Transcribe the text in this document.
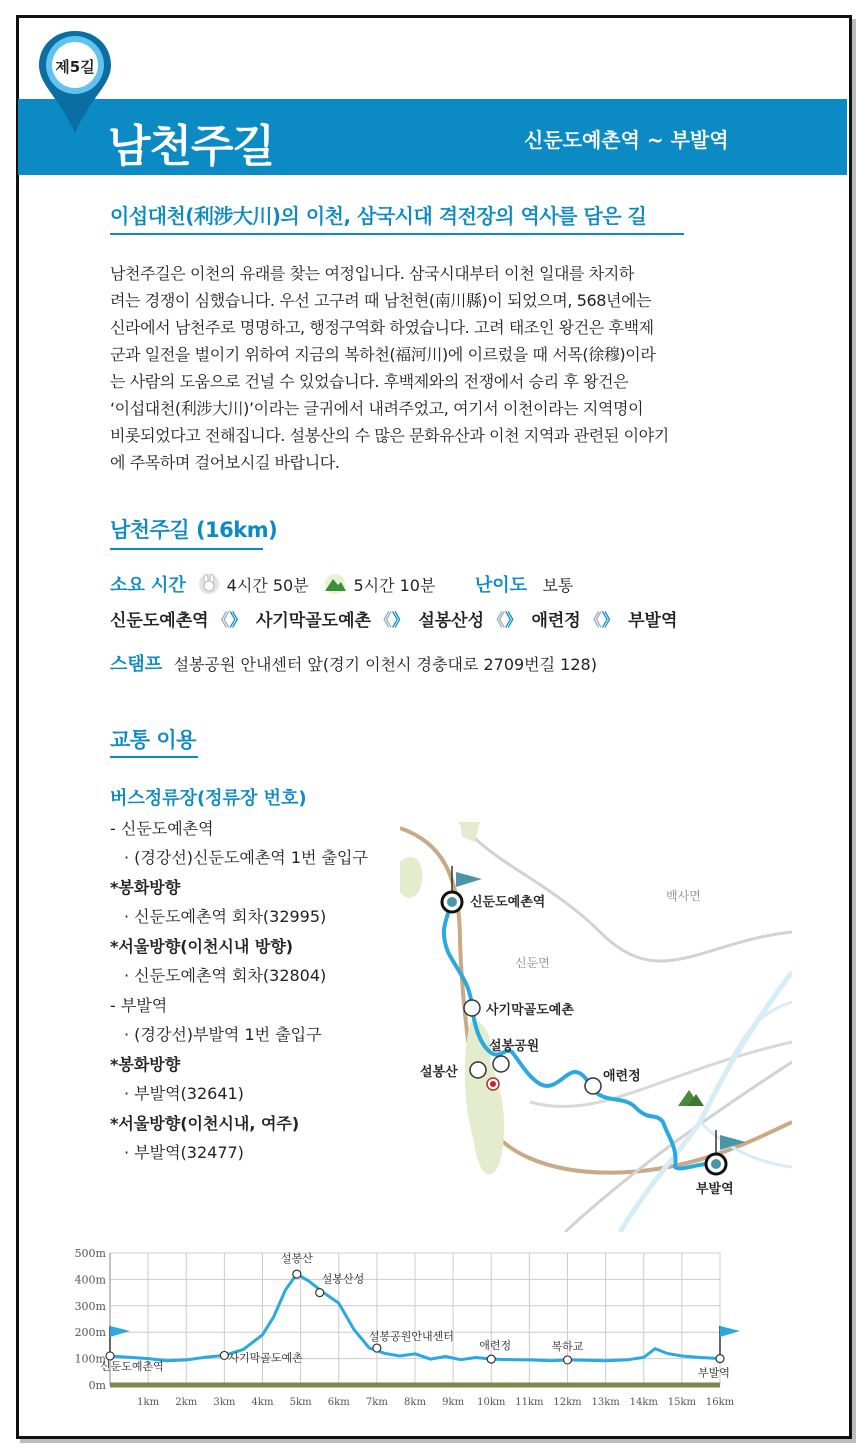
제5길
남천주길	신둔도예촌역 ~ 부발역
이섭대천(利涉大川)의 이천, 삼국시대 격전장의 역사를 담은 길
남천주길은 이천의 유래를 찾는 여정입니다. 삼국시대부터 이천 일대를 차지하
려는 경쟁이 심했습니다. 우선 고구려 때 남천현(南川縣)이 되었으며, 568년에는
신라에서 남천주로 명명하고, 행정구역화 하였습니다. 고려 태조인 왕건은 후백제
군과 일전을 벌이기 위하여 지금의 복하천(福河川)에 이르렀을 때 서목(徐穆)이라
는 사람의 도움으로 건널 수 있었습니다. 후백제와의 전쟁에서 승리 후 왕건은
‘이섭대천(利涉大川)’이라는 글귀에서 내려주었고, 여기서 이천이라는 지역명이
비롯되었다고 전해집니다. 설봉산의 수 많은 문화유산과 이천 지역과 관련된 이야기
에 주목하며 걸어보시길 바랍니다.
남천주길 (16km)
소요 시간	4시간 50분	5시간 10분 난이도 보통
신둔도예촌역 《》 사기막골도예촌 《》 설봉산성 《》 애련정 《》 부발역
스탬프 설봉공원 안내센터 앞(경기 이천시 경충대로 2709번길 128)
교통 이용
버스정류장(정류장 번호)
- 신둔도예촌역
· (경강선)신둔도예촌역 1번 출입구
*봉화방향
· 신둔도예촌역 회차(32995)
*서울방향(이천시내 방향)
· 신둔도예촌역 회차(32804)
- 부발역
· (경강선)부발역 1번 출입구
*봉화방향
· 부발역(32641)
*서울방향(이천시내, 여주)
· 부발역(32477)
신둔도예촌역	백사면
신둔면
사기막골도예촌
설봉공원
설봉산	애련정
부발역
0m
100m
200m
300m
400m
500m
1km 2km 3km 4km 5km 6km 7km 8km 9km 10km 11km 12km 13km 14km 15km 16km
신둔도예촌역
사기막골도예촌
설봉산
설봉산성
설봉공원안내센터
애련정	복하교
부발역
